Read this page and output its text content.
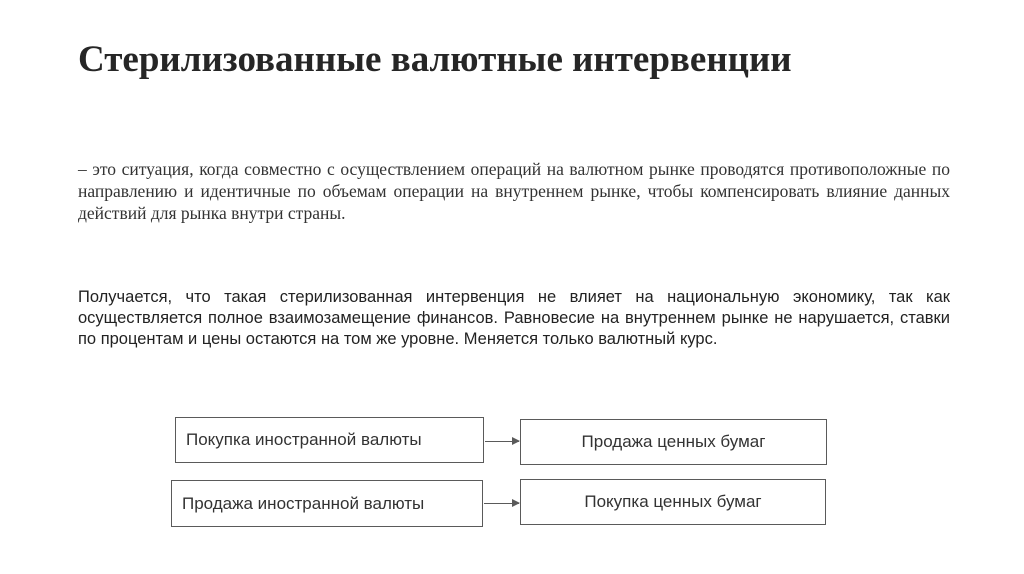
Стерилизованные валютные интервенции

– это ситуация, когда совместно с осуществлением операций на валютном рынке проводятся противоположные по направлению и идентичные по объемам операции на внутреннем рынке, чтобы компенсировать влияние данных действий для рынка внутри страны.

Получается, что такая стерилизованная интервенция не влияет на национальную экономику, так как осуществляется полное взаимозамещение финансов. Равновесие на внутреннем рынке не нарушается, ставки по процентам и цены остаются на том же уровне. Меняется только валютный курс.

Покупка иностранной валюты	Продажа ценных бумаг
Продажа иностранной валюты	Покупка ценных бумаг
